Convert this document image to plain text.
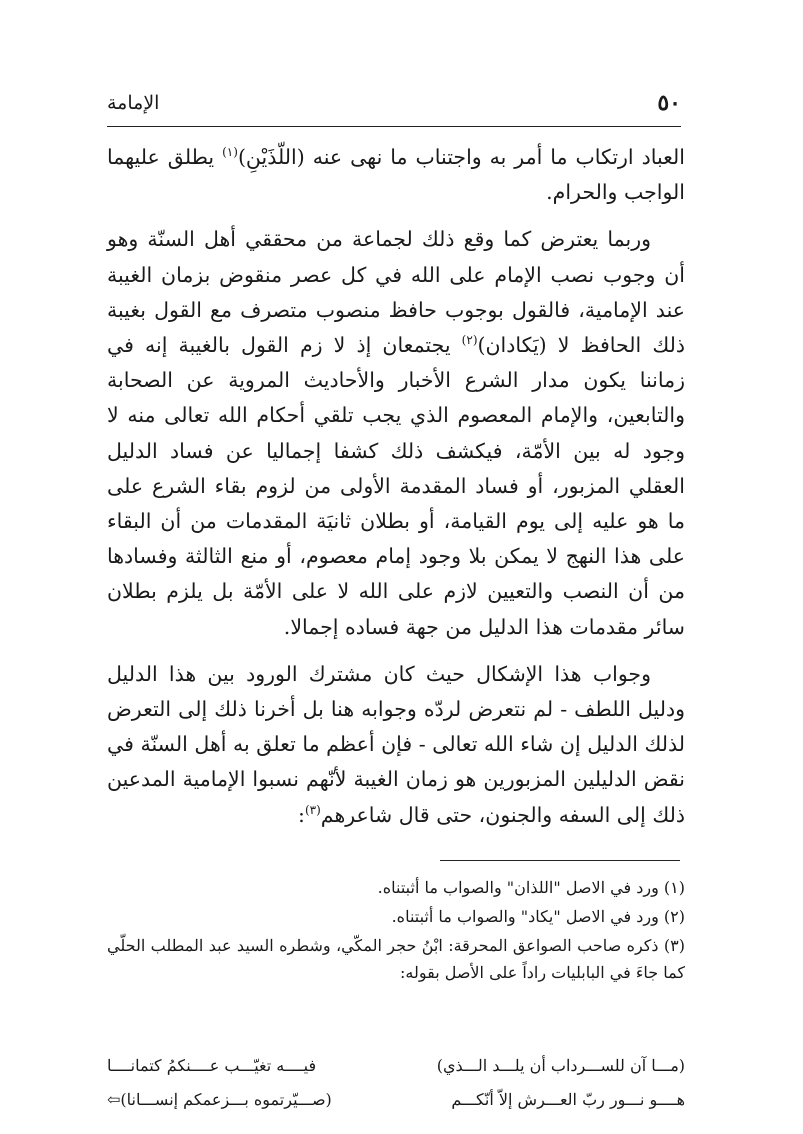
٥٠
الإمامة

العباد ارتكاب ما أمر به واجتناب ما نهى عنه (اللّذَيْنِ)$^{(١)}$ يطلق عليهما الواجب والحرام.

وربما يعترض كما وقع ذلك لجماعة من محققي أهل السنّة وهو أن وجوب نصب الإمام على الله في كل عصر منقوض بزمان الغيبة عند الإمامية، فالقول بوجوب حافظ منصوب متصرف مع القول بغيبة ذلك الحافظ لا (يَكادان)$^{(٢)}$ يجتمعان إذ لا زم القول بالغيبة إنه في زماننا يكون مدار الشرع الأخبار والأحاديث المروية عن الصحابة والتابعين، والإمام المعصوم الذي يجب تلقي أحكام الله تعالى منه لا وجود له بين الأمّة، فيكشف ذلك كشفا إجماليا عن فساد الدليل العقلي المزبور، أو فساد المقدمة الأولى من لزوم بقاء الشرع على ما هو عليه إلى يوم القيامة، أو بطلان ثانيَة المقدمات من أن البقاء على هذا النهج لا يمكن بلا وجود إمام معصوم، أو منع الثالثة وفسادها من أن النصب والتعيين لازم على الله لا على الأمّة بل يلزم بطلان سائر مقدمات هذا الدليل من جهة فساده إجمالا.

وجواب هذا الإشكال حيث كان مشترك الورود بين هذا الدليل ودليل اللطف - لم نتعرض لردّه وجوابه هنا بل أخرنا ذلك إلى التعرض لذلك الدليل إن شاء الله تعالى - فإن أعظم ما تعلق به أهل السنّة في نقض الدليلين المزبورين هو زمان الغيبة لأنّهم نسبوا الإمامية المدعين ذلك إلى السفه والجنون، حتى قال شاعرهم$^{(٣)}$:

(١) ورد في الاصل "اللذان" والصواب ما أثبتناه.
(٢) ورد في الاصل "يكاد" والصواب ما أثبتناه.
(٣) ذكره صاحب الصواعق المحرقة: ابْنُ حجر المكّي، وشطره السيد عبد المطلب الحلّي كما جاءَ في البابليات راداً على الأصل بقوله:
(مـــا آن للســـرداب أن يلـــد الـــذي)
فيــــه تغيّـــب عــــنكمُ كتمانــــا
هــــو نـــور ربّ العـــرش إلاّ أنّكـــم
(صـــيّرتموه بـــزعمكم إنســـانا)⇦
